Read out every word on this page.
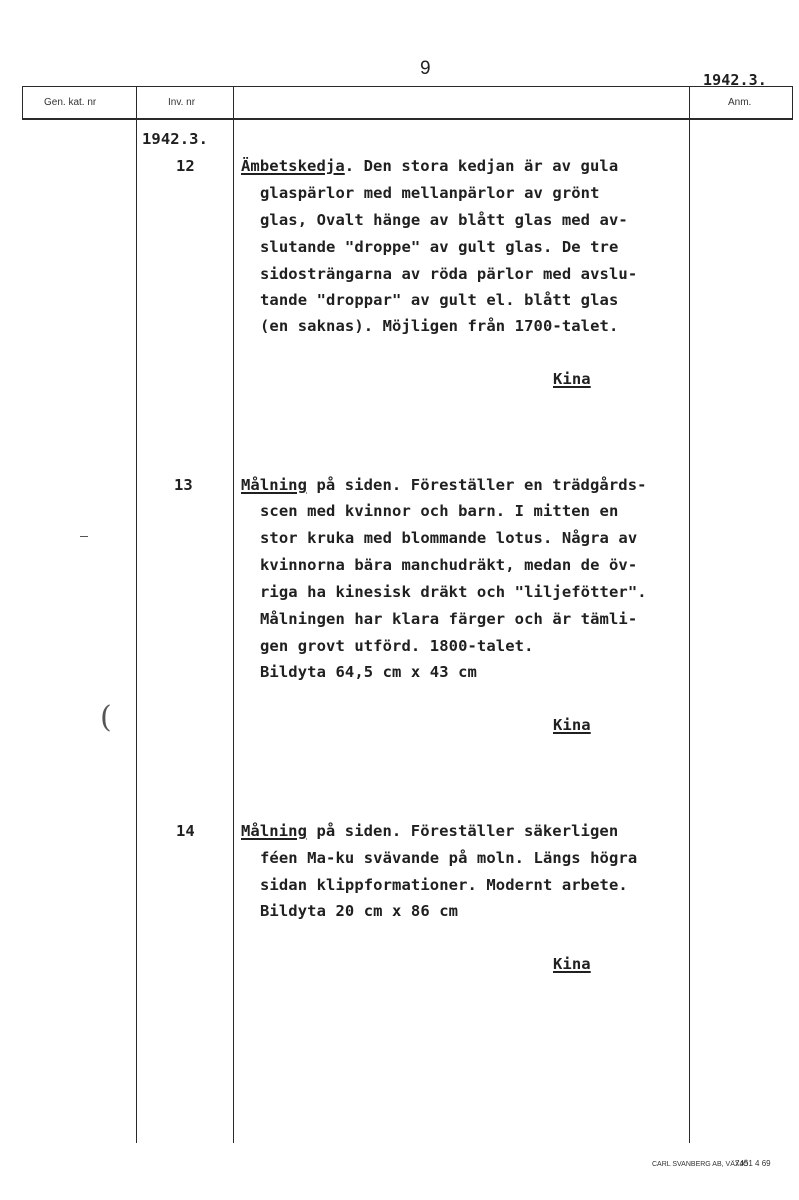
9
1942.3.
Gen. kat. nr	Inv. nr	Anm.
1942.3.
12	Ämbetskedja. Den stora kedjan är av gula
glaspärlor med mellanpärlor av grönt
glas, Ovalt hänge av blått glas med av-
slutande "droppe" av gult glas. De tre
sidosträngarna av röda pärlor med avslu-
tande "droppar" av gult el. blått glas
(en saknas). Möjligen från 1700-talet.
Kina
13	Målning på siden. Föreställer en trädgårds-
scen med kvinnor och barn. I mitten en
stor kruka med blommande lotus. Några av
kvinnorna bära manchudräkt, medan de öv-
riga ha kinesisk dräkt och "liljefötter".
Målningen har klara färger och är tämli-
gen grovt utförd. 1800-talet.
Bildyta 64,5 cm x 43 cm
Kina
14	Målning på siden. Föreställer säkerligen
féen Ma-ku svävande på moln. Längs högra
sidan klippformationer. Modernt arbete.
Bildyta 20 cm x 86 cm
Kina
(
CARL SVANBERG AB, VÄXJÖ
7451 4 69
